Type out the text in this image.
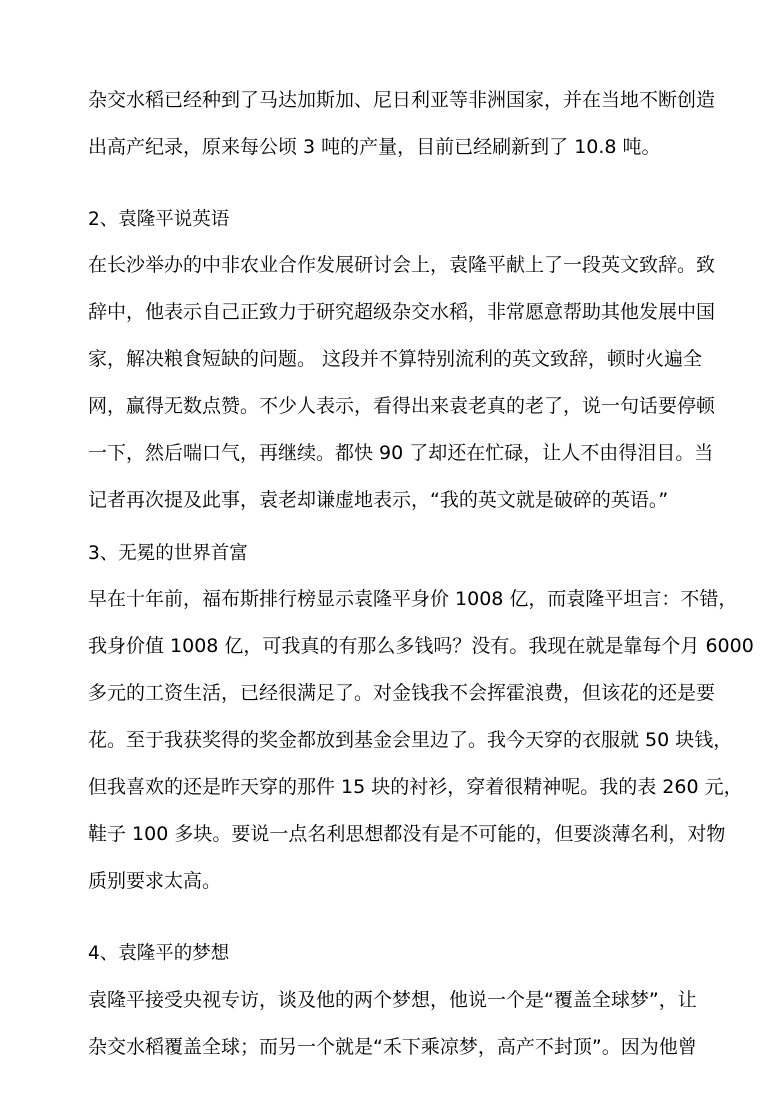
杂交水稻已经种到了马达加斯加、尼日利亚等非洲国家，并在当地不断创造
出高产纪录，原来每公顷 3 吨的产量，目前已经刷新到了 10.8 吨。
2、袁隆平说英语
在长沙举办的中非农业合作发展研讨会上，袁隆平献上了一段英文致辞。致
辞中，他表示自己正致力于研究超级杂交水稻，非常愿意帮助其他发展中国
家，解决粮食短缺的问题。 这段并不算特别流利的英文致辞，顿时火遍全
网，赢得无数点赞。不少人表示，看得出来袁老真的老了，说一句话要停顿
一下，然后喘口气，再继续。都快 90 了却还在忙碌，让人不由得泪目。当
记者再次提及此事，袁老却谦虚地表示，“我的英文就是破碎的英语。”
3、无冕的世界首富
早在十年前，福布斯排行榜显示袁隆平身价 1008 亿，而袁隆平坦言：不错，
我身价值 1008 亿，可我真的有那么多钱吗？没有。我现在就是靠每个月 6000
多元的工资生活，已经很满足了。对金钱我不会挥霍浪费，但该花的还是要
花。至于我获奖得的奖金都放到基金会里边了。我今天穿的衣服就 50 块钱，
但我喜欢的还是昨天穿的那件 15 块的衬衫，穿着很精神呢。我的表 260 元，
鞋子 100 多块。要说一点名利思想都没有是不可能的，但要淡薄名利，对物
质别要求太高。
4、袁隆平的梦想
袁隆平接受央视专访，谈及他的两个梦想，他说一个是“覆盖全球梦”，让
杂交水稻覆盖全球；而另一个就是“禾下乘凉梦，高产不封顶”。因为他曾
